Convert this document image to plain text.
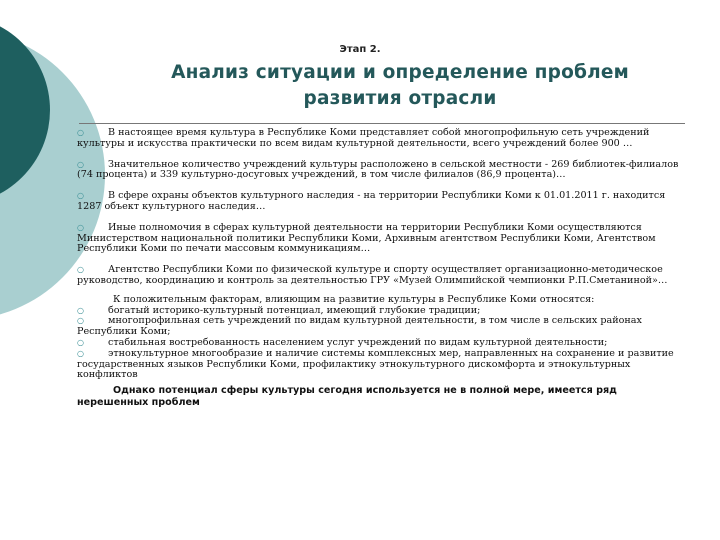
Этап 2.
Анализ ситуации и определение проблем
развития отрасли

○	В настоящее время культура в Республике Коми представляет собой многопрофильную сеть учреждений культуры и искусства практически по всем видам культурной деятельности, всего учреждений более 900 …

○	Значительное количество учреждений культуры расположено в сельской местности - 269 библиотек-филиалов (74 процента) и 339 культурно-досуговых учреждений, в том числе филиалов (86,9 процента)…

○	В сфере охраны объектов культурного наследия - на территории Республики Коми к 01.01.2011 г. находится 1287 объект культурного наследия…

○	Иные полномочия в сферах культурной деятельности на территории Республики Коми осуществляются Министерством национальной политики Республики Коми, Архивным агентством Республики Коми, Агентством Республики Коми по печати массовым коммуникациям…

○	Агентство Республики Коми по физической культуре и спорту осуществляет организационно-методическое руководство, координацию и контроль за деятельностью ГРУ «Музей Олимпийской чемпионки Р.П.Сметаниной»…

К положительным факторам, влияющим на развитие культуры в Республике Коми относятся:

○	богатый историко-культурный потенциал, имеющий глубокие традиции;

○	многопрофильная сеть учреждений по видам культурной деятельности, в том числе в сельских районах Республики Коми;

○	стабильная востребованность населением услуг учреждений по видам культурной деятельности;

○	этнокультурное многообразие и наличие системы комплексных мер, направленных на сохранение и развитие государственных языков Республики Коми, профилактику этнокультурного дискомфорта и этнокультурных конфликтов

Однако потенциал сферы культуры сегодня используется не в полной мере, имеется ряд нерешенных проблем
